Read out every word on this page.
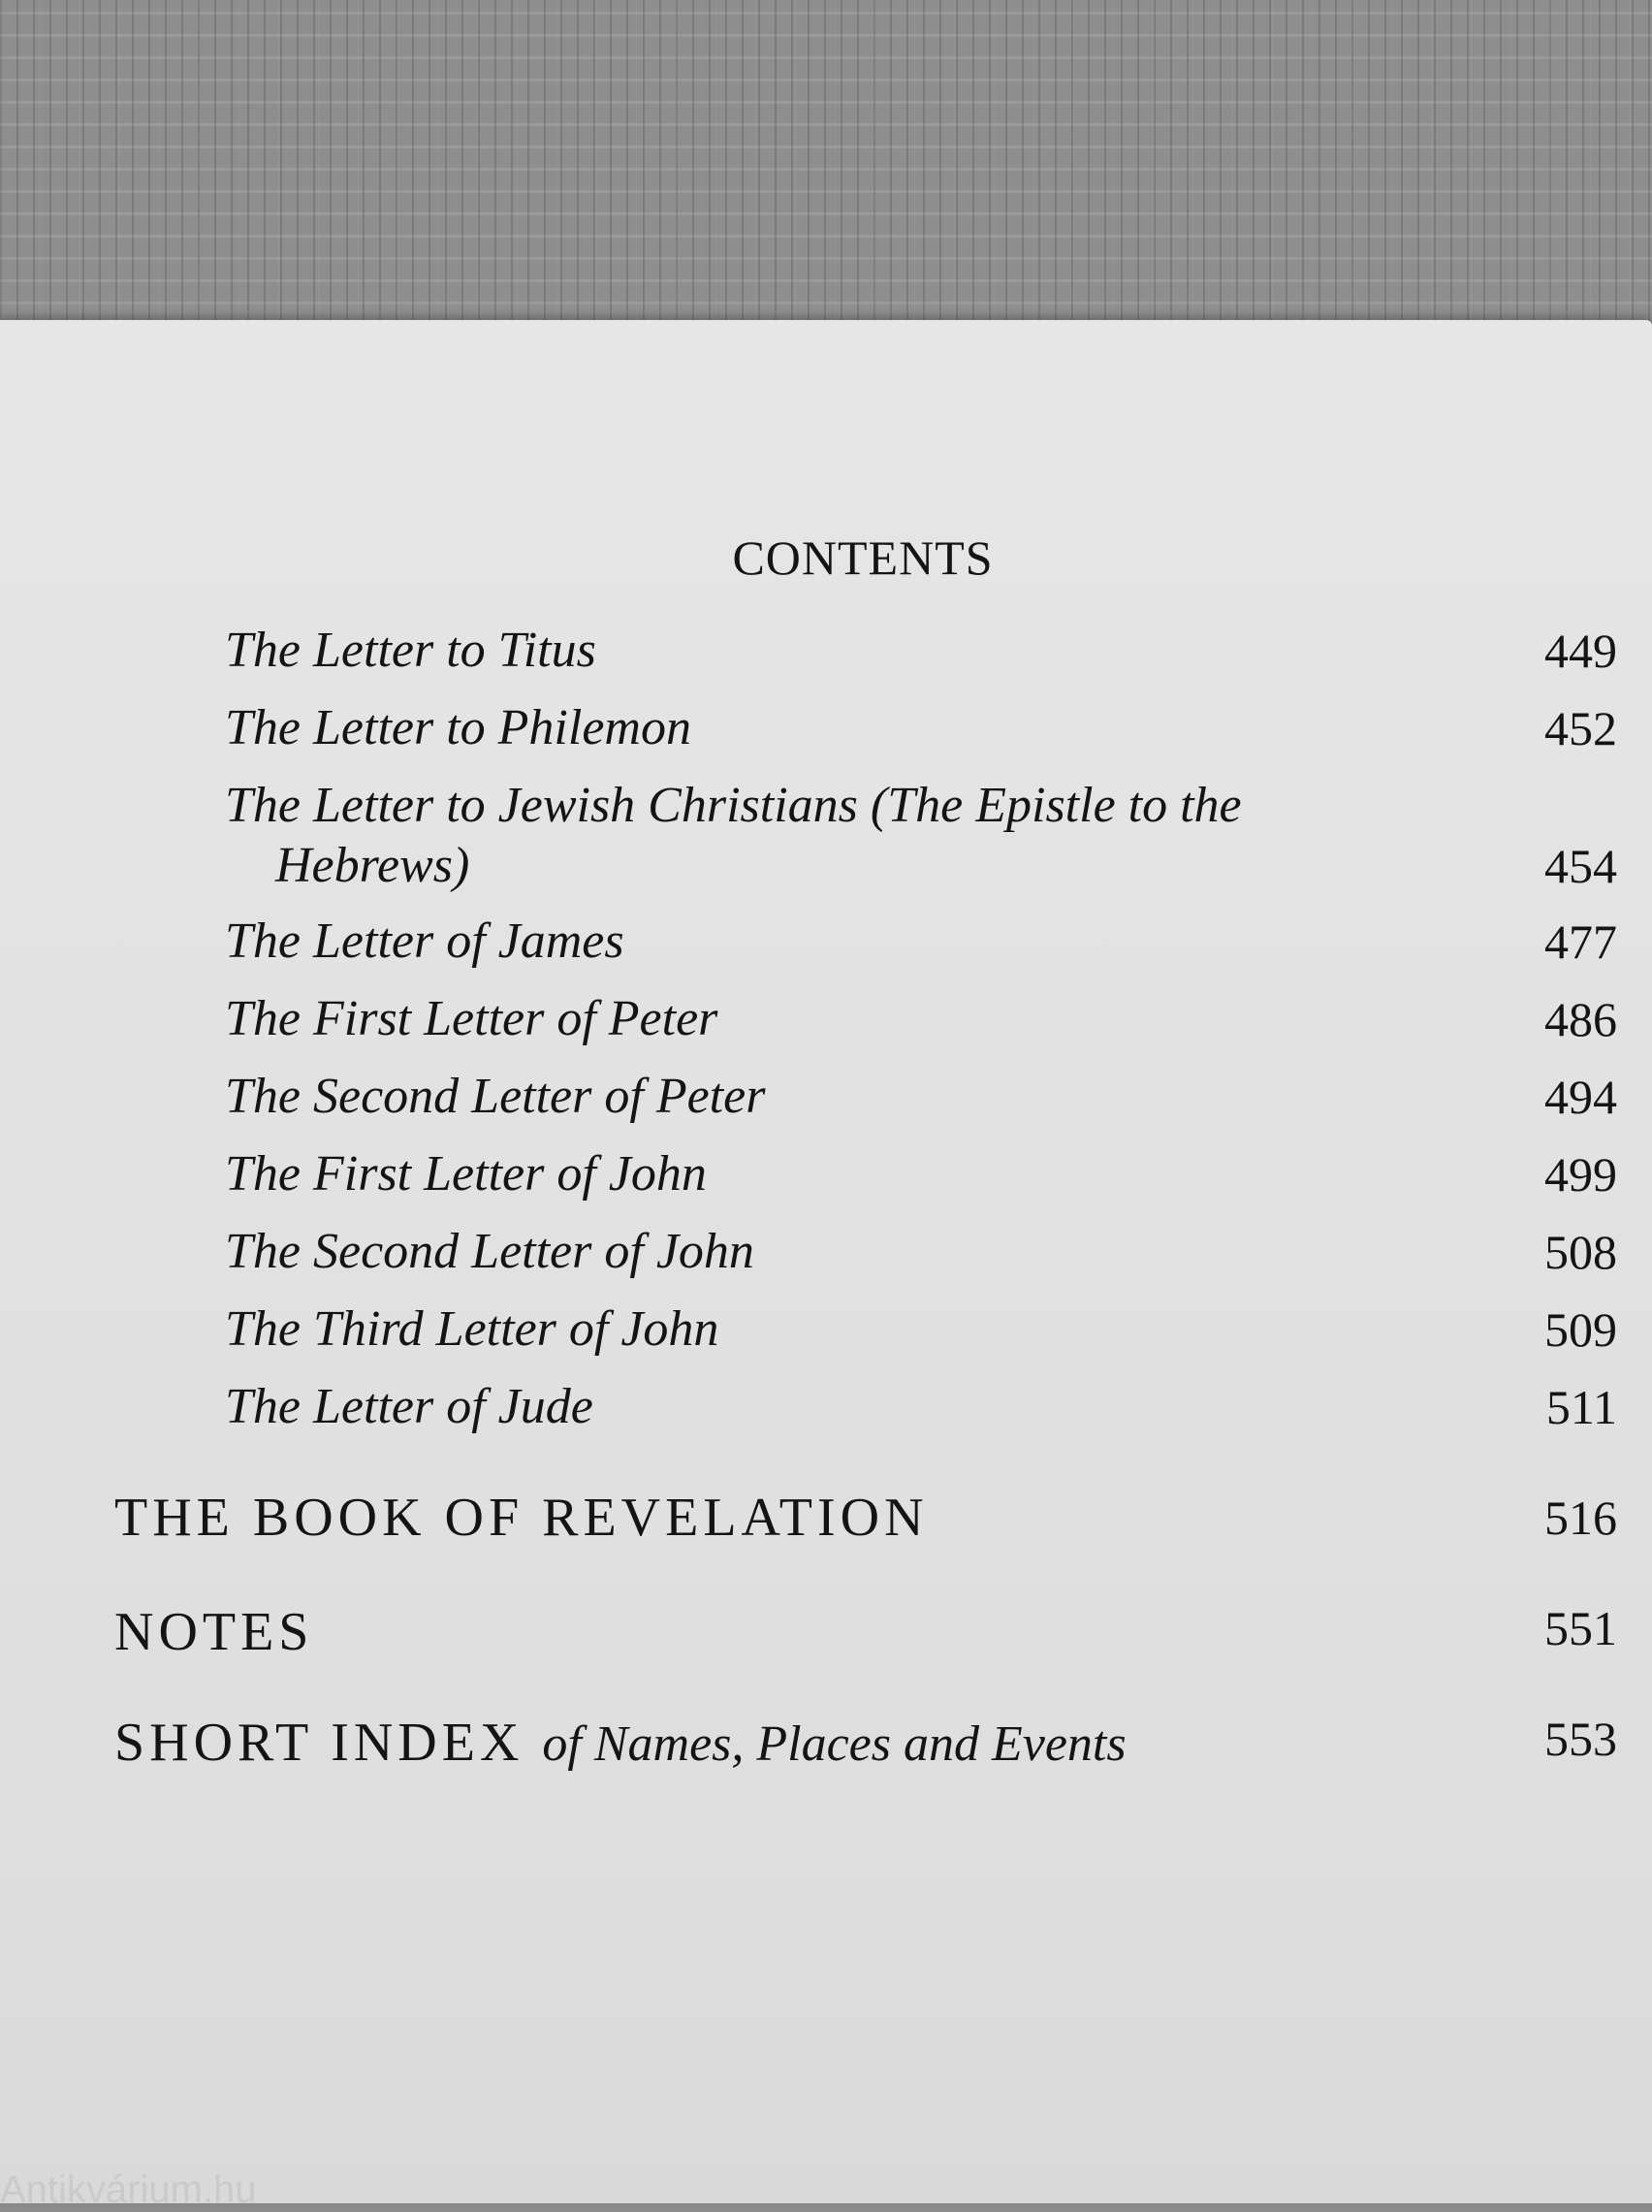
CONTENTS
The Letter to Titus	449
The Letter to Philemon	452
The Letter to Jewish Christians (The Epistle to the
Hebrews)	454
The Letter of James	477
The First Letter of Peter	486
The Second Letter of Peter	494
The First Letter of John	499
The Second Letter of John	508
The Third Letter of John	509
The Letter of Jude	511
THE BOOK OF REVELATION	516
NOTES	551
SHORT INDEX of Names, Places and Events	553
Antikvárium.hu
